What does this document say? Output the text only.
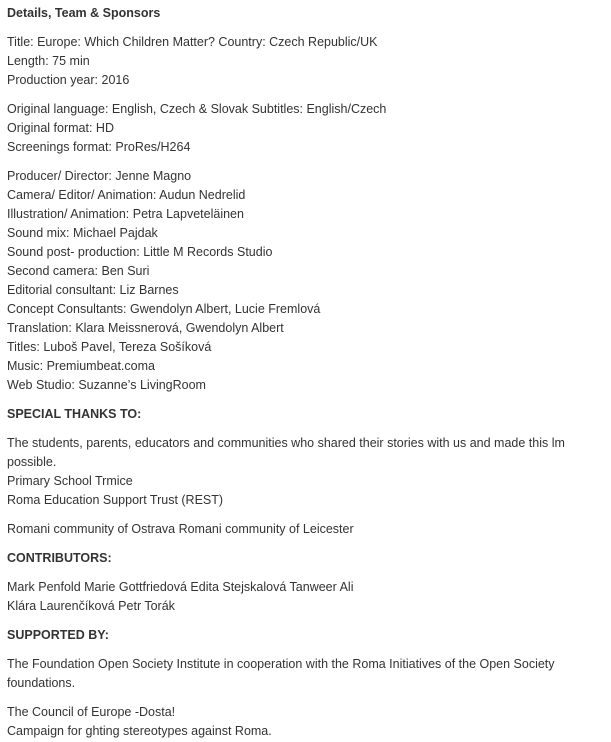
Details, Team & Sponsors
Title: Europe: Which Children Matter? Country: Czech Republic/UK
Length: 75 min
Production year: 2016
Original language: English, Czech & Slovak Subtitles: English/Czech
Original format: HD
Screenings format: ProRes/H264
Producer/ Director: Jenne Magno
Camera/ Editor/ Animation: Audun Nedrelid
Illustration/ Animation: Petra Lapveteläinen
Sound mix: Michael Pajdak
Sound post- production: Little M Records Studio
Second camera: Ben Suri
Editorial consultant: Liz Barnes
Concept Consultants: Gwendolyn Albert, Lucie Fremlová
Translation: Klara Meissnerová, Gwendolyn Albert
Titles: Luboš Pavel, Tereza Sošíková
Music: Premiumbeat.coma
Web Studio: Suzanne’s LivingRoom
SPECIAL THANKS TO:
The students, parents, educators and communities who shared their stories with us and made this lm possible.
Primary School Trmice
Roma Education Support Trust (REST)
Romani community of Ostrava Romani community of Leicester
CONTRIBUTORS:
Mark Penfold Marie Gottfriedová Edita Stejskalová Tanweer Ali
Klára Laurenčíková Petr Torák
SUPPORTED BY:
The Foundation Open Society Institute in cooperation with the Roma Initiatives of the Open Society foundations.
The Council of Europe -Dosta!
Campaign for ghting stereotypes against Roma.
